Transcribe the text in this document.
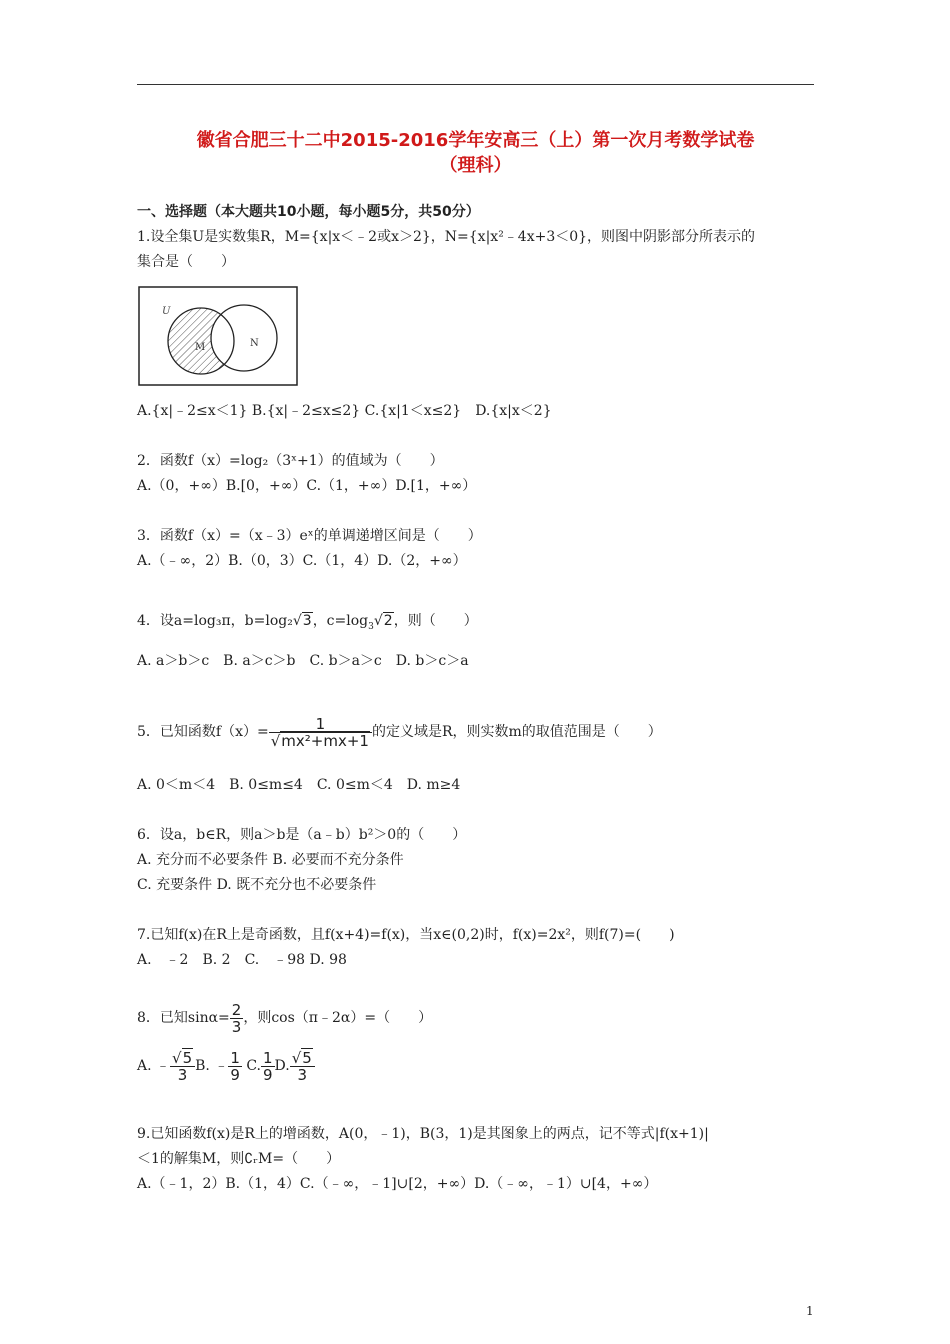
徽省合肥三十二中2015-2016学年安高三（上）第一次月考数学试卷
（理科）
一、选择题（本大题共10小题，每小题5分，共50分）
1.设全集U是实数集R，M={x|x＜﹣2或x＞2}，N={x|x²﹣4x+3＜0}，则图中阴影部分所表示的
集合是（　　）
U
M	N
A.{x|﹣2≤x＜1} B.{x|﹣2≤x≤2} C.{x|1＜x≤2}　D.{x|x＜2}
2．函数f（x）=log₂（3ˣ+1）的值域为（　　）
A.（0，+∞）B.[0，+∞）C.（1，+∞）D.[1，+∞）
3．函数f（x）=（x﹣3）eˣ的单调递增区间是（　　）
A.（﹣∞，2）B.（0，3）C.（1，4）D.（2，+∞）
4．设a=log₃π，b=log₂√3，$c=\log_3√2$，则（　　）
A. a＞b＞c　B. a＞c＞b　C. b＞a＞c　D. b＞c＞a
5．已知函数$f(x)= \frac{1}{\text{√mx²+mx+1}}$ 的定义域是R，则实数m的取值范围是（　　）
A. 0＜m＜4　B. 0≤m≤4　C. 0≤m＜4　D. m≥4
6．设a，b∈R，则a＞b是（a﹣b）b²＞0的（　　）
A. 充分而不必要条件 B. 必要而不充分条件
C. 充要条件 D. 既不充分也不必要条件
7.已知f(x)在R上是奇函数，且f(x+4)=f(x)，当x∈(0,2)时，f(x)=2x²，则f(7)=(　　)
A.　﹣2　B. 2　C.　﹣98 D. 98
8．已知$\sin\alpha= \frac{2}{3}$ ，则cos（π﹣2α）=（　　）
A. ﹣ $\frac{√5}{3} B$. ﹣ $\frac{1}{9} C$. $\frac{1}{9} D$. $\frac{√5}{3}$
9.已知函数f(x)是R上的增函数，A(0，﹣1)，B(3，1)是其图象上的两点，记不等式|f(x+1)|
＜1的解集M，则∁ᵣM=（　　）
A.（﹣1，2）B.（1，4）C.（﹣∞，﹣1]∪[2，+∞）D.（﹣∞，﹣1）∪[4，+∞）
1
